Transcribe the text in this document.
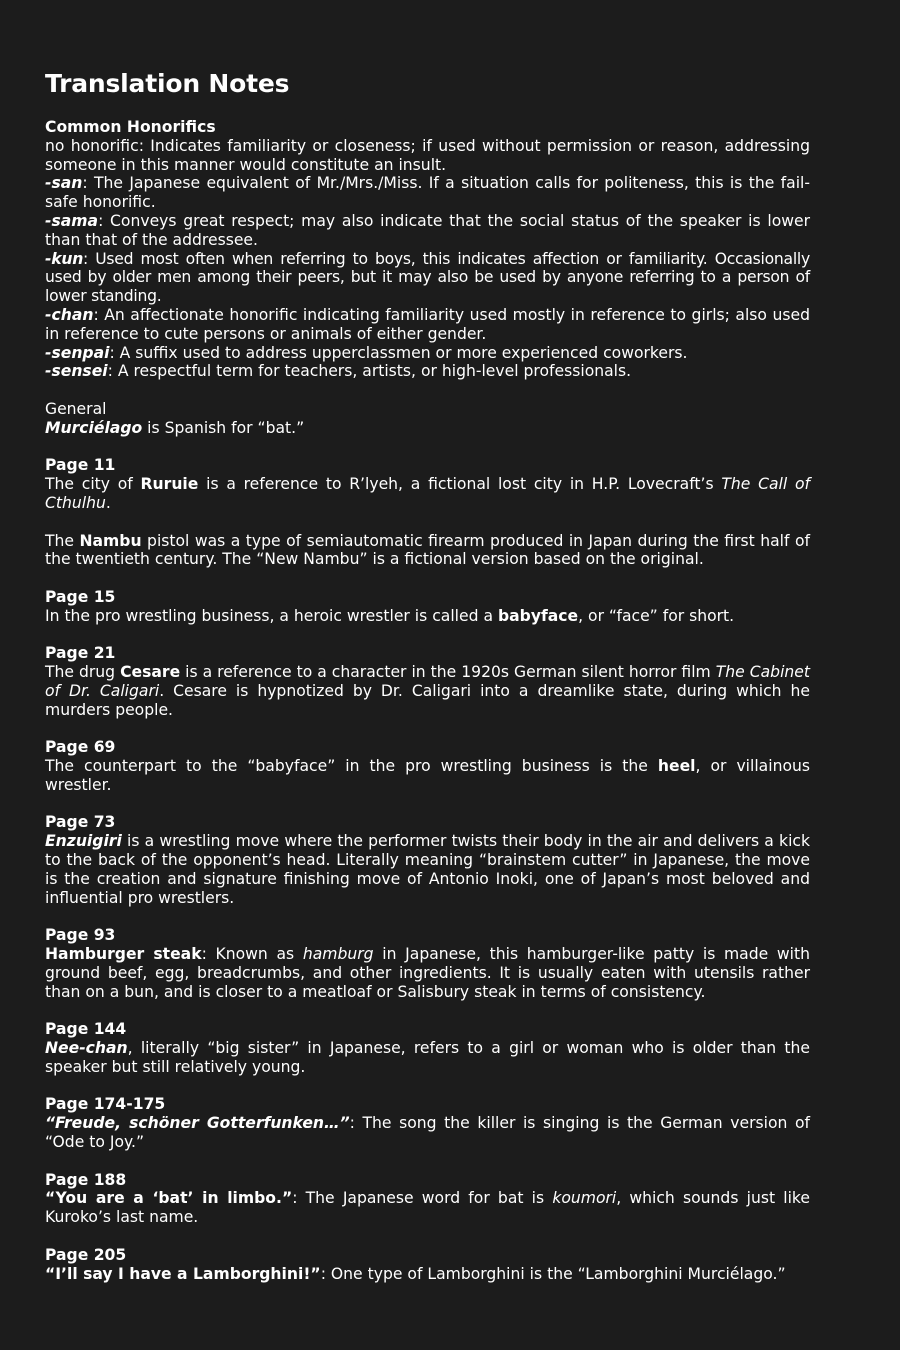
Translation Notes

Common Honorifics

no honorific: Indicates familiarity or closeness; if used without permission or reason, addressing someone in this manner would constitute an insult.

-san: The Japanese equivalent of Mr./Mrs./Miss. If a situation calls for politeness, this is the fail-safe honorific.

-sama: Conveys great respect; may also indicate that the social status of the speaker is lower than that of the addressee.

-kun: Used most often when referring to boys, this indicates affection or familiarity. Occasionally used by older men among their peers, but it may also be used by anyone referring to a person of lower standing.

-chan: An affectionate honorific indicating familiarity used mostly in reference to girls; also used in reference to cute persons or animals of either gender.

-senpai: A suffix used to address upperclassmen or more experienced coworkers.

-sensei: A respectful term for teachers, artists, or high-level professionals.

General

Murciélago is Spanish for “bat.”

Page 11

The city of Ruruie is a reference to R’lyeh, a fictional lost city in H.P. Lovecraft’s The Call of Cthulhu.

The Nambu pistol was a type of semiautomatic firearm produced in Japan during the first half of the twentieth century. The “New Nambu” is a fictional version based on the original.

Page 15

In the pro wrestling business, a heroic wrestler is called a babyface, or “face” for short.

Page 21

The drug Cesare is a reference to a character in the 1920s German silent horror film The Cabinet of Dr. Caligari. Cesare is hypnotized by Dr. Caligari into a dreamlike state, during which he murders people.

Page 69

The counterpart to the “babyface” in the pro wrestling business is the heel, or villainous wrestler.

Page 73

Enzuigiri is a wrestling move where the performer twists their body in the air and delivers a kick to the back of the opponent’s head. Literally meaning “brainstem cutter” in Japanese, the move is the creation and signature finishing move of Antonio Inoki, one of Japan’s most beloved and influential pro wrestlers.

Page 93

Hamburger steak: Known as hamburg in Japanese, this hamburger-like patty is made with ground beef, egg, breadcrumbs, and other ingredients. It is usually eaten with utensils rather than on a bun, and is closer to a meatloaf or Salisbury steak in terms of consistency.

Page 144

Nee-chan, literally “big sister” in Japanese, refers to a girl or woman who is older than the speaker but still relatively young.

Page 174-175

“Freude, schöner Gotterfunken…”: The song the killer is singing is the German version of “Ode to Joy.”

Page 188

“You are a ‘bat’ in limbo.”: The Japanese word for bat is koumori, which sounds just like Kuroko’s last name.

Page 205

“I’ll say I have a Lamborghini!”: One type of Lamborghini is the “Lamborghini Murciélago.”
